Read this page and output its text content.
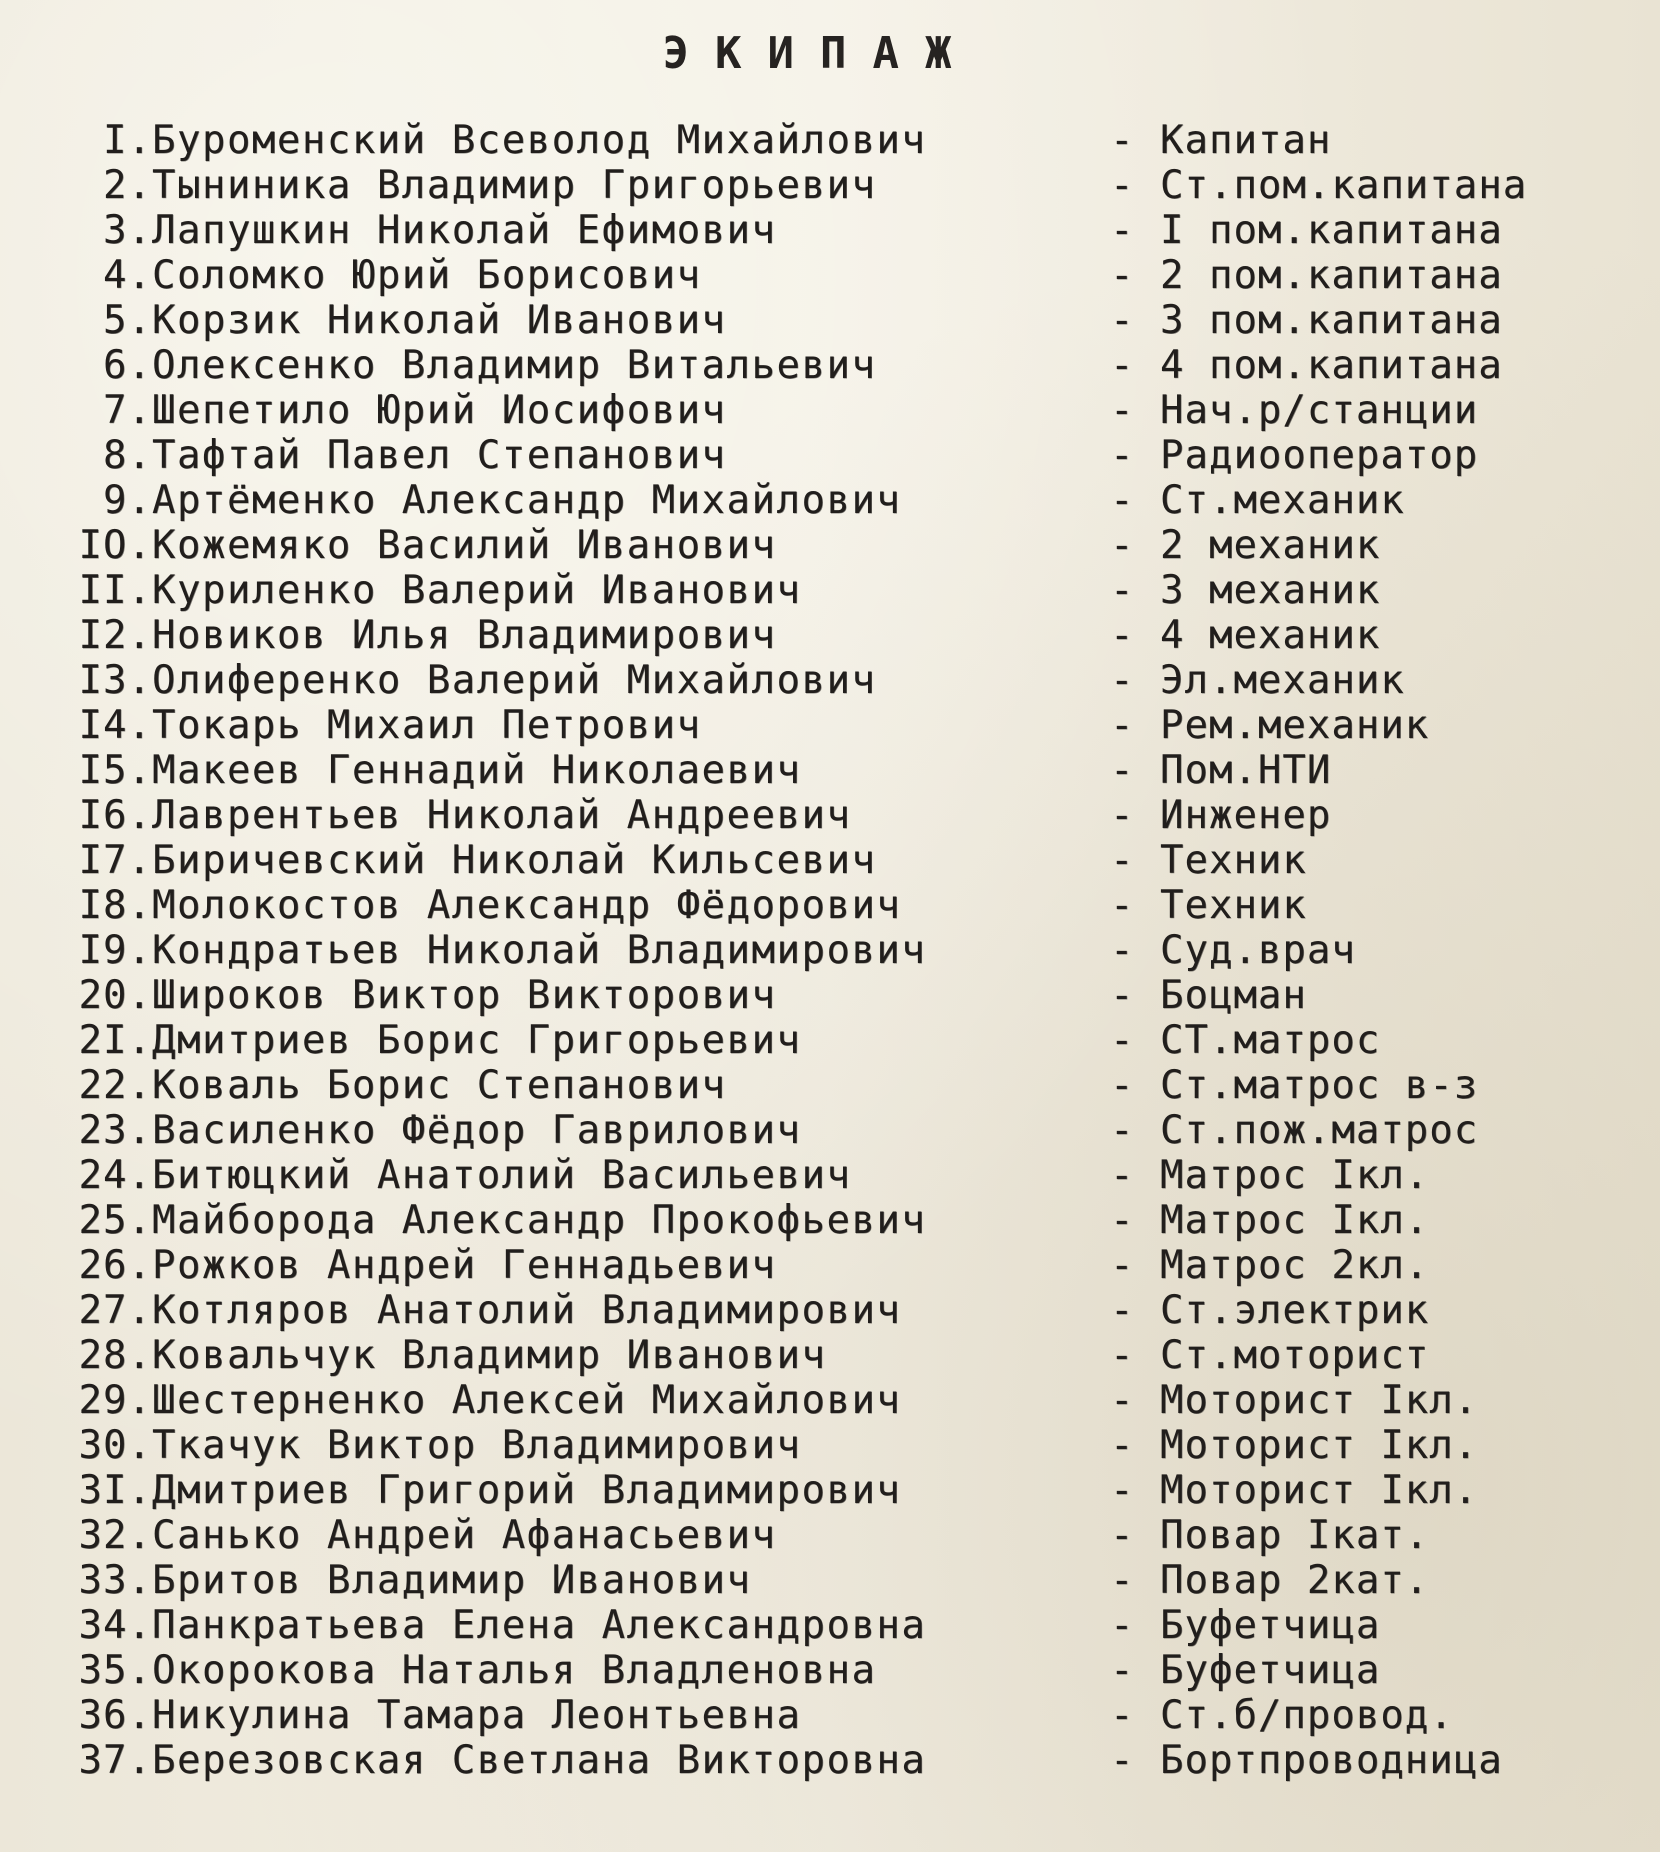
ЭКИПАЖ
I. Буроменский Всеволод Михайлович	- Капитан
2. Тыниника Владимир Григорьевич	- Ст.пом.капитана
3. Лапушкин Николай Ефимович	- I пом.капитана
4. Соломко Юрий Борисович	- 2 пом.капитана
5. Корзик Николай Иванович	- 3 пом.капитана
6. Олексенко Владимир Витальевич	- 4 пом.капитана
7. Шепетило Юрий Иосифович	- Нач.р/станции
8. Тафтай Павел Степанович	- Радиооператор
9. Артёменко Александр Михайлович	- Ст.механик
IO. Кожемяко Василий Иванович	- 2 механик
II. Куриленко Валерий Иванович	- 3 механик
I2. Новиков Илья Владимирович	- 4 механик
I3. Олиференко Валерий Михайлович	- Эл.механик
I4. Токарь Михаил Петрович	- Рем.механик
I5. Макеев Геннадий Николаевич	- Пом.НТИ
I6. Лаврентьев Николай Андреевич	- Инженер
I7. Биричевский Николай Кильсевич	- Техник
I8. Молокостов Александр Фёдорович	- Техник
I9. Кондратьев Николай Владимирович	- Суд.врач
20. Широков Виктор Викторович	- Боцман
2I. Дмитриев Борис Григорьевич	- СТ.матрос
22. Коваль Борис Степанович	- Ст.матрос в-з
23. Василенко Фёдор Гаврилович	- Ст.пож.матрос
24. Битюцкий Анатолий Васильевич	- Матрос Iкл.
25. Майборода Александр Прокофьевич	- Матрос Iкл.
26. Рожков Андрей Геннадьевич	- Матрос 2кл.
27. Котляров Анатолий Владимирович	- Ст.электрик
28. Ковальчук Владимир Иванович	- Ст.моторист
29. Шестерненко Алексей Михайлович	- Моторист Iкл.
30. Ткачук Виктор Владимирович	- Моторист Iкл.
3I. Дмитриев Григорий Владимирович	- Моторист Iкл.
32. Санько Андрей Афанасьевич	- Повар Iкат.
33. Бритов Владимир Иванович	- Повар 2кат.
34. Панкратьева Елена Александровна	- Буфетчица
35. Окорокова Наталья Владленовна	- Буфетчица
36. Никулина Тамара Леонтьевна	- Ст.б/провод.
37. Березовская Светлана Викторовна	- Бортпроводница
